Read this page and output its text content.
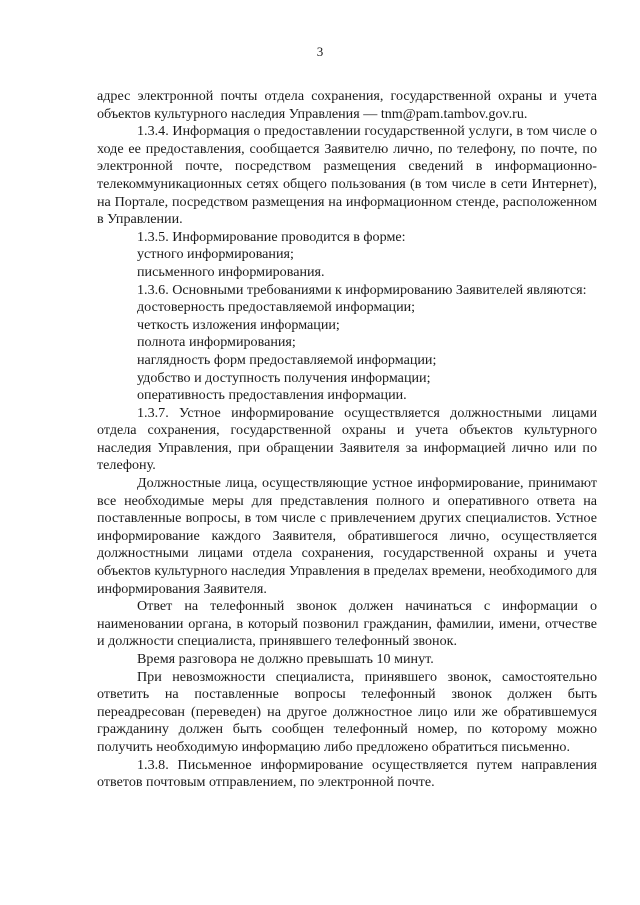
3

адрес электронной почты отдела сохранения, государственной охраны и учета объектов культурного наследия Управления — tnm@pam.tambov.gov.ru.

1.3.4. Информация о предоставлении государственной услуги, в том числе о ходе ее предоставления, сообщается Заявителю лично, по телефону, по почте, по электронной почте, посредством размещения сведений в информационно-телекоммуникационных сетях общего пользования (в том числе в сети Интернет), на Портале, посредством размещения на информационном стенде, расположенном в Управлении.

1.3.5. Информирование проводится в форме:

устного информирования;

письменного информирования.

1.3.6. Основными требованиями к информированию Заявителей являются:

достоверность предоставляемой информации;

четкость изложения информации;

полнота информирования;

наглядность форм предоставляемой информации;

удобство и доступность получения информации;

оперативность предоставления информации.

1.3.7. Устное информирование осуществляется должностными лицами отдела сохранения, государственной охраны и учета объектов культурного наследия Управления, при обращении Заявителя за информацией лично или по телефону.

Должностные лица, осуществляющие устное информирование, принимают все необходимые меры для представления полного и оперативного ответа на поставленные вопросы, в том числе с привлечением других специалистов. Устное информирование каждого Заявителя, обратившегося лично, осуществляется должностными лицами отдела сохранения, государственной охраны и учета объектов культурного наследия Управления в пределах времени, необходимого для информирования Заявителя.

Ответ на телефонный звонок должен начинаться с информации о наименовании органа, в который позвонил гражданин, фамилии, имени, отчестве и должности специалиста, принявшего телефонный звонок.

Время разговора не должно превышать 10 минут.

При невозможности специалиста, принявшего звонок, самостоятельно ответить на поставленные вопросы телефонный звонок должен быть переадресован (переведен) на другое должностное лицо или же обратившемуся гражданину должен быть сообщен телефонный номер, по которому можно получить необходимую информацию либо предложено обратиться письменно.

1.3.8. Письменное информирование осуществляется путем направления ответов почтовым отправлением, по электронной почте.
